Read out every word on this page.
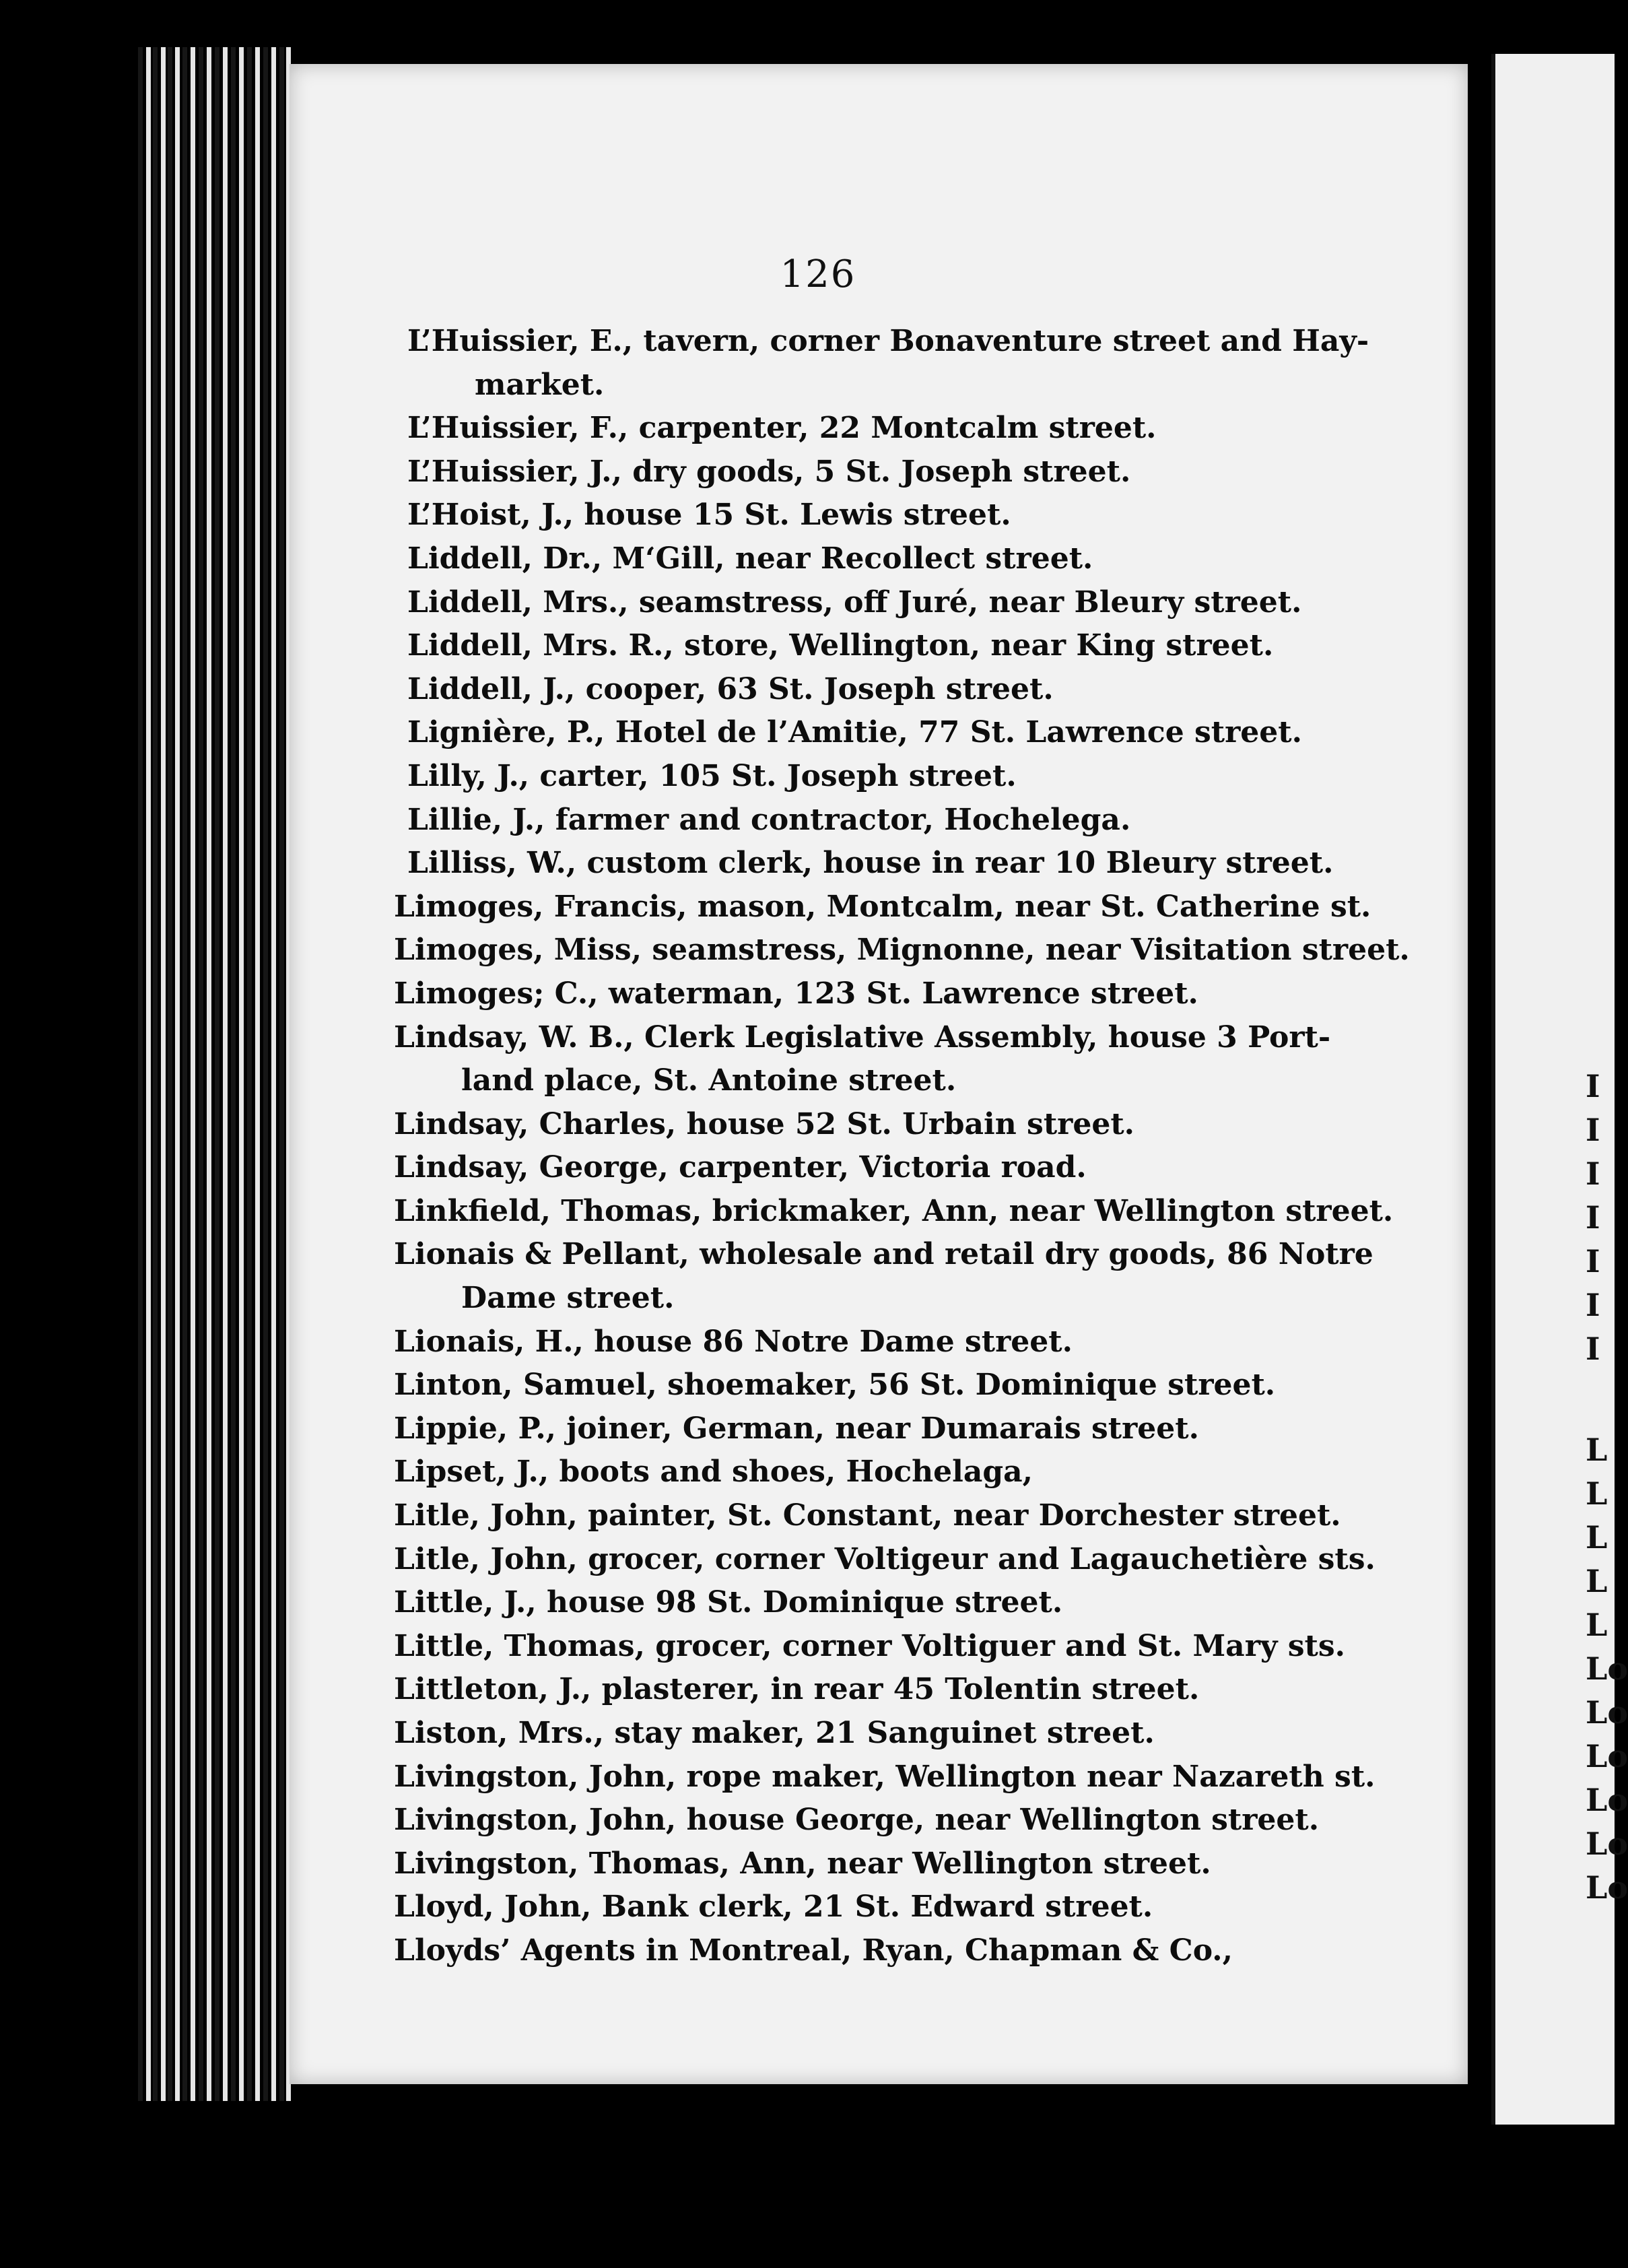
126
L’Huissier, E., tavern, corner Bonaventure street and Hay-
market.
L’Huissier, F., carpenter, 22 Montcalm street.
L’Huissier, J., dry goods, 5 St. Joseph street.
L’Hoist, J., house 15 St. Lewis street.
Liddell, Dr., M‘Gill, near Recollect street.
Liddell, Mrs., seamstress, off Juré, near Bleury street.
Liddell, Mrs. R., store, Wellington, near King street.
Liddell, J., cooper, 63 St. Joseph street.
Lignière, P., Hotel de l’Amitie, 77 St. Lawrence street.
Lilly, J., carter, 105 St. Joseph street.
Lillie, J., farmer and contractor, Hochelega.
Lilliss, W., custom clerk, house in rear 10 Bleury street.
Limoges, Francis, mason, Montcalm, near St. Catherine st.
Limoges, Miss, seamstress, Mignonne, near Visitation street.
Limoges; C., waterman, 123 St. Lawrence street.
Lindsay, W. B., Clerk Legislative Assembly, house 3 Port-
land place, St. Antoine street.
Lindsay, Charles, house 52 St. Urbain street.
Lindsay, George, carpenter, Victoria road.
Linkfield, Thomas, brickmaker, Ann, near Wellington street.
Lionais & Pellant, wholesale and retail dry goods, 86 Notre
Dame street.
Lionais, H., house 86 Notre Dame street.
Linton, Samuel, shoemaker, 56 St. Dominique street.
Lippie, P., joiner, German, near Dumarais street.
Lipset, J., boots and shoes, Hochelaga,
Litle, John, painter, St. Constant, near Dorchester street.
Litle, John, grocer, corner Voltigeur and Lagauchetière sts.
Little, J., house 98 St. Dominique street.
Little, Thomas, grocer, corner Voltiguer and St. Mary sts.
Littleton, J., plasterer, in rear 45 Tolentin street.
Liston, Mrs., stay maker, 21 Sanguinet street.
Livingston, John, rope maker, Wellington near Nazareth st.
Livingston, John, house George, near Wellington street.
Livingston, Thomas, Ann, near Wellington street.
Lloyd, John, Bank clerk, 21 St. Edward street.
Lloyds’ Agents in Montreal, Ryan, Chapman & Co.,
I
I
I
I
I
I
I
L
L
L
L
L
Lo
Lo
Lo
Lo
Lo
Lo
